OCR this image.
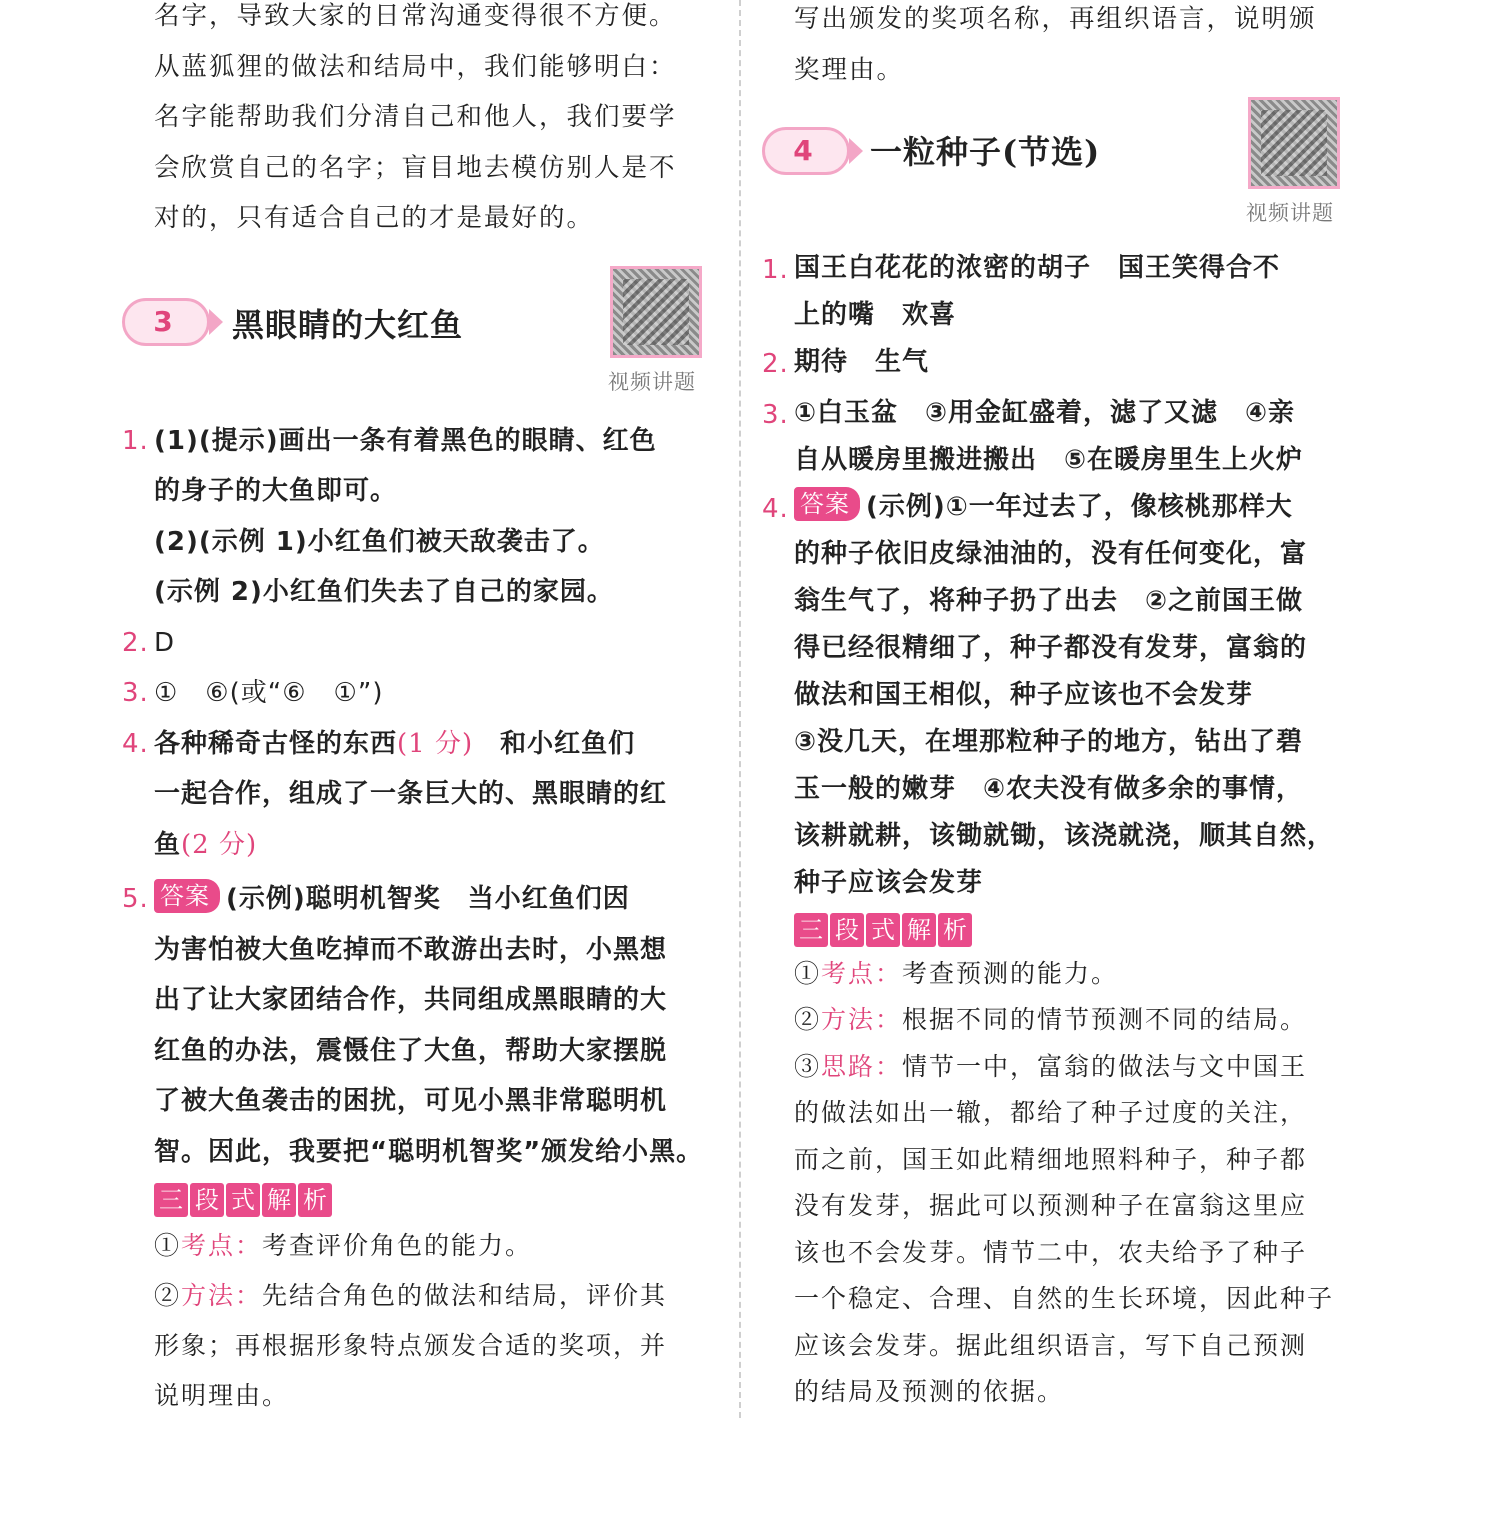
名字，导致大家的日常沟通变得很不方便。

从蓝狐狸的做法和结局中，我们能够明白：

名字能帮助我们分清自己和他人，我们要学

会欣赏自己的名字；盲目地去模仿别人是不

对的，只有适合自己的才是最好的。

3 黑眼睛的大红鱼
视频讲题
1. (1)(提示)画出一条有着黑色的眼睛、红色
的身子的大鱼即可。
(2)(示例 1)小红鱼们被天敌袭击了。
(示例 2)小红鱼们失去了自己的家园。
2. D
3. ①　⑥(或“⑥　①”)
4. 各种稀奇古怪的东西(1 分)　和小红鱼们
一起合作，组成了一条巨大的、黑眼睛的红
鱼(2 分)
5. 答案 (示例)聪明机智奖　当小红鱼们因
为害怕被大鱼吃掉而不敢游出去时，小黑想
出了让大家团结合作，共同组成黑眼睛的大
红鱼的办法，震慑住了大鱼，帮助大家摆脱
了被大鱼袭击的困扰，可见小黑非常聪明机
智。因此，我要把“聪明机智奖”颁发给小黑。
三 段 式 解 析
①考点：考查评价角色的能力。
②方法：先结合角色的做法和结局，评价其
形象；再根据形象特点颁发合适的奖项，并
说明理由。

写出颁发的奖项名称，再组织语言，说明颁

奖理由。

4 一粒种子(节选)
视频讲题
1. 国王白花花的浓密的胡子　国王笑得合不
上的嘴　欢喜
2. 期待　生气
3. ①白玉盆　③用金缸盛着，滤了又滤　④亲
自从暖房里搬进搬出　⑤在暖房里生上火炉
4. 答案 (示例)①一年过去了，像核桃那样大
的种子依旧皮绿油油的，没有任何变化，富
翁生气了，将种子扔了出去　②之前国王做
得已经很精细了，种子都没有发芽，富翁的
做法和国王相似，种子应该也不会发芽
③没几天，在埋那粒种子的地方，钻出了碧
玉一般的嫩芽　④农夫没有做多余的事情，
该耕就耕，该锄就锄，该浇就浇，顺其自然，
种子应该会发芽
三 段 式 解 析
①考点：考查预测的能力。
②方法：根据不同的情节预测不同的结局。
③思路：情节一中，富翁的做法与文中国王
的做法如出一辙，都给了种子过度的关注，
而之前，国王如此精细地照料种子，种子都
没有发芽，据此可以预测种子在富翁这里应
该也不会发芽。情节二中，农夫给予了种子
一个稳定、合理、自然的生长环境，因此种子
应该会发芽。据此组织语言，写下自己预测
的结局及预测的依据。
